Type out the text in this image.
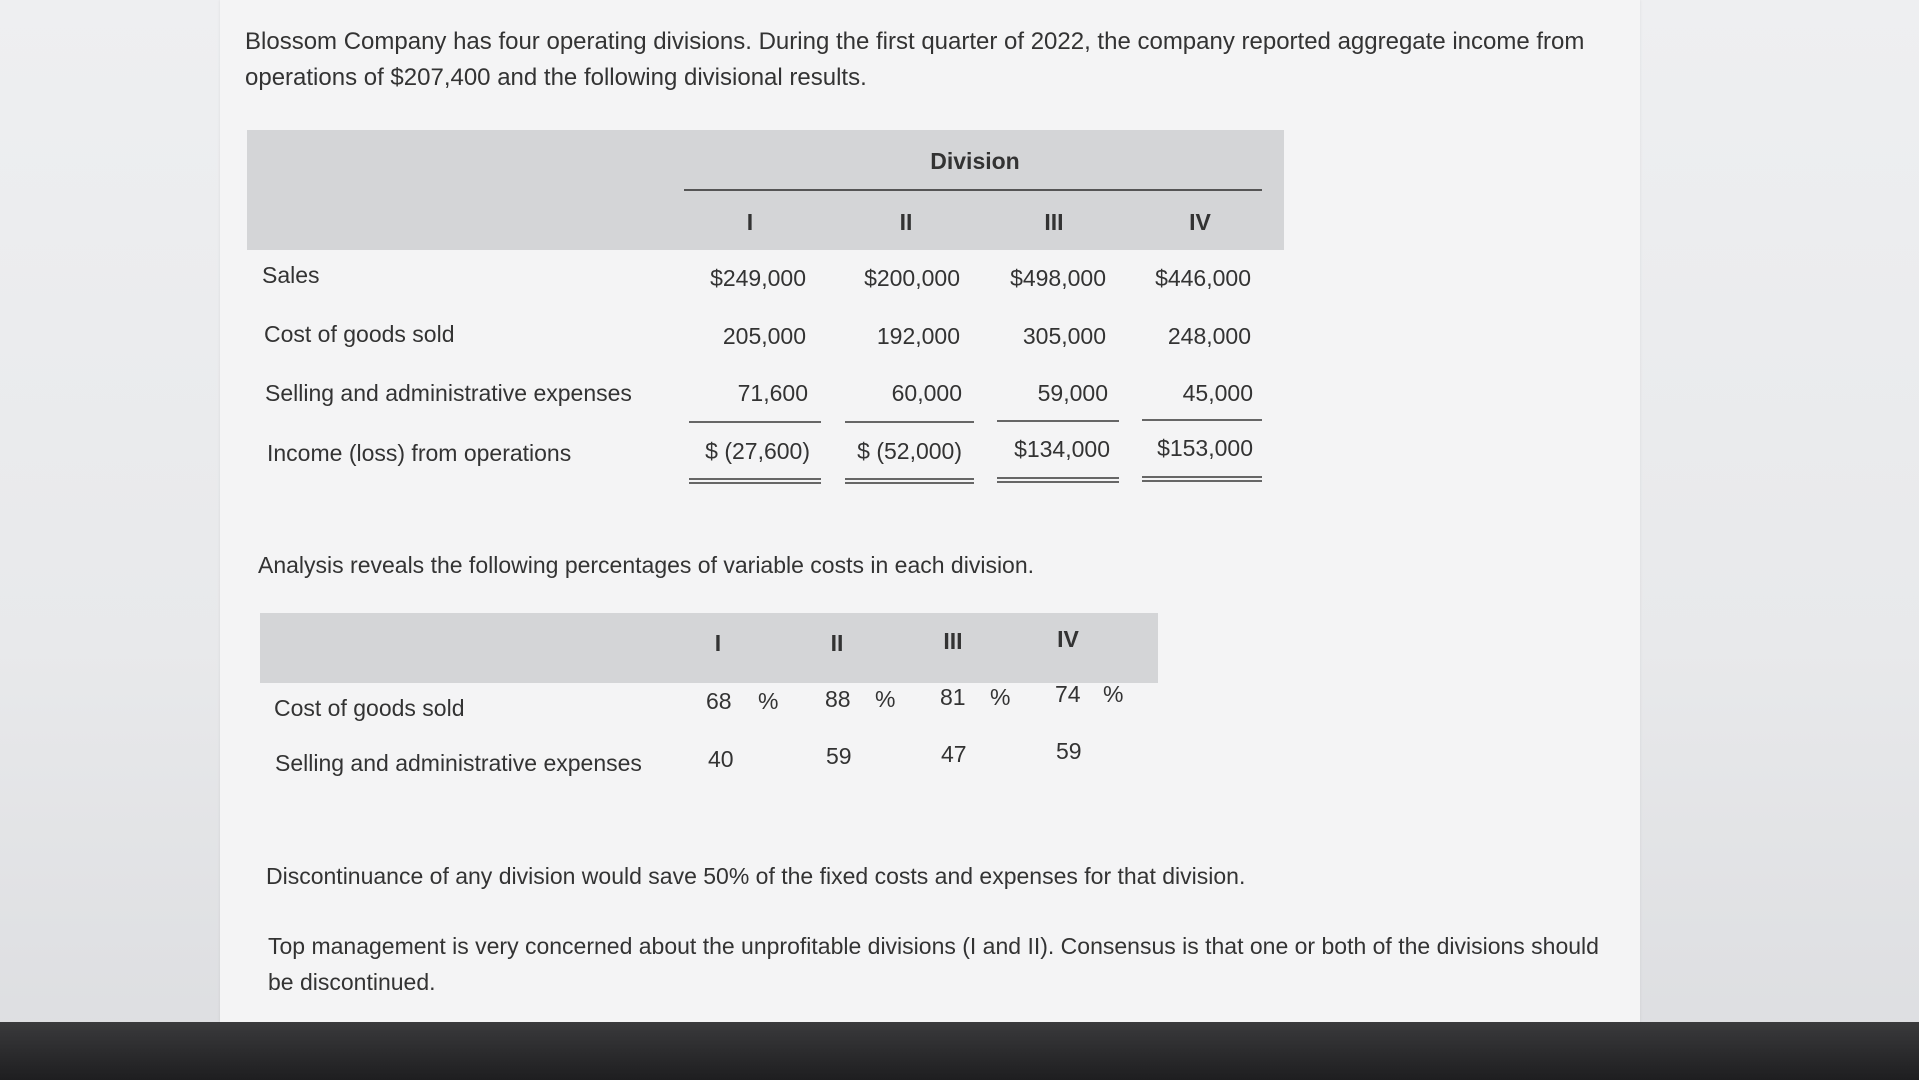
Blossom Company has four operating divisions. During the first quarter of 2022, the company reported aggregate income from operations of $207,400 and the following divisional results.
Division
I	II	III	IV
Sales	$249,000	$200,000	$498,000	$446,000
Cost of goods sold	205,000	192,000	305,000	248,000
Selling and administrative expenses	71,600	60,000	59,000	45,000
Income (loss) from operations	$ (27,600)	$ (52,000)	$134,000	$153,000
Analysis reveals the following percentages of variable costs in each division.
I	II	III	IV
Cost of goods sold	68 % 88 % 81 % 74 %
Selling and administrative expenses	40	59	47	59
Discontinuance of any division would save 50% of the fixed costs and expenses for that division.
Top management is very concerned about the unprofitable divisions (I and II). Consensus is that one or both of the divisions should be discontinued.
